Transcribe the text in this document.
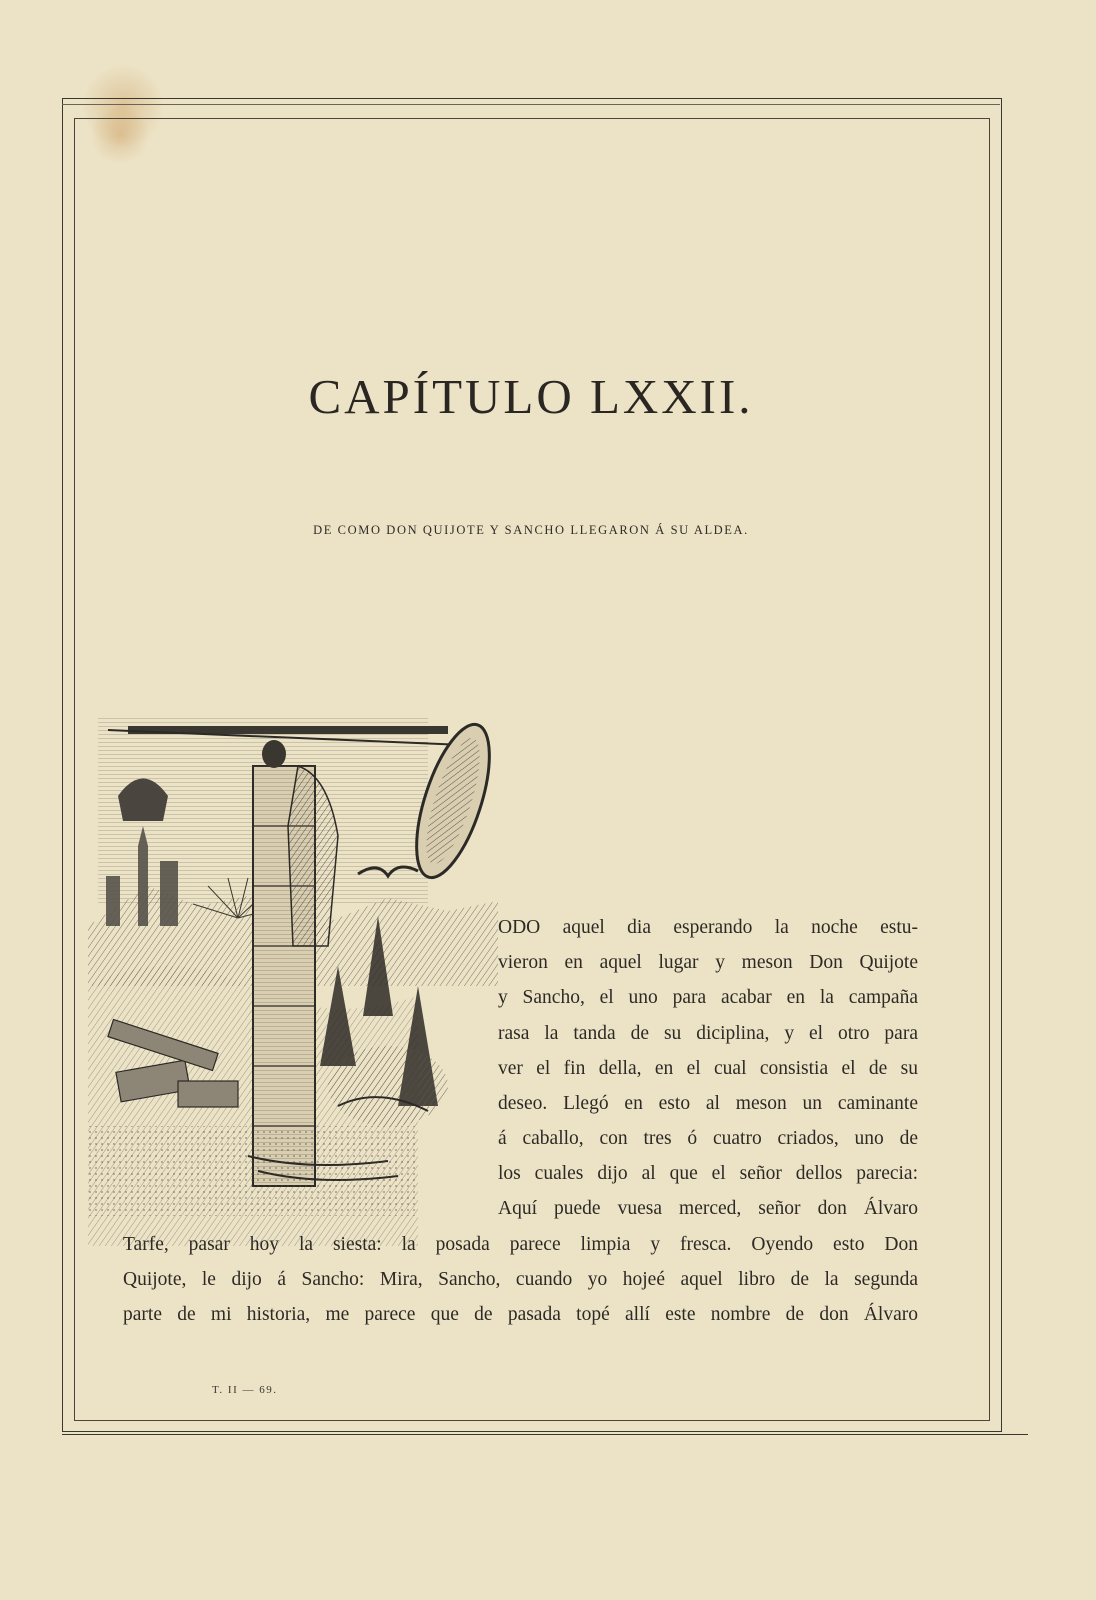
CAPÍTULO LXXII.
DE COMO DON QUIJOTE Y SANCHO LLEGARON Á SU ALDEA.
ODO aquel dia esperando la noche estu-
vieron en aquel lugar y meson Don Quijote
y Sancho, el uno para acabar en la campaña
rasa la tanda de su diciplina, y el otro para
ver el fin della, en el cual consistia el de su
deseo. Llegó en esto al meson un caminante
á caballo, con tres ó cuatro criados, uno de
los cuales dijo al que el señor dellos parecia:
Aquí puede vuesa merced, señor don Álvaro
Tarfe, pasar hoy la siesta: la posada parece limpia y fresca. Oyendo esto Don
Quijote, le dijo á Sancho: Mira, Sancho, cuando yo hojeé aquel libro de la segunda
parte de mi historia, me parece que de pasada topé allí este nombre de don Álvaro
T. II — 69.
